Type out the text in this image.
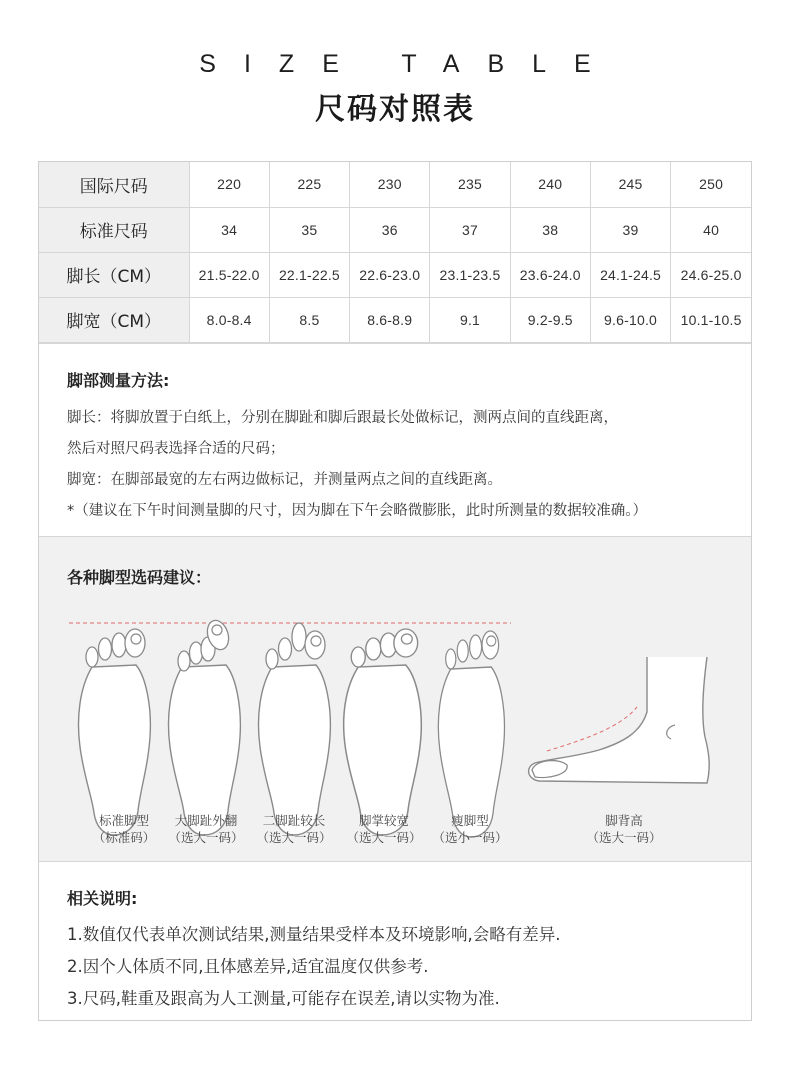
SIZE TABLE
尺码对照表
国际尺码	220	225	230	235	240	245	250
标准尺码	34	35	36	37	38	39	40
脚长（CM）	21.5-22.0	22.1-22.5	22.6-23.0	23.1-23.5	23.6-24.0	24.1-24.5	24.6-25.0
脚宽（CM）	8.0-8.4	8.5	8.6-8.9	9.1	9.2-9.5	9.6-10.0	10.1-10.5
脚部测量方法:

脚长：将脚放置于白纸上，分别在脚趾和脚后跟最长处做标记，测两点间的直线距离，

然后对照尺码表选择合适的尺码；

脚宽：在脚部最宽的左右两边做标记，并测量两点之间的直线距离。

*（建议在下午时间测量脚的尺寸，因为脚在下午会略微膨胀，此时所测量的数据较准确。）

各种脚型选码建议：
标准脚型
（标准码）
大脚趾外翻
（选大一码）
二脚趾较长
（选大一码）
脚掌较宽
（选大一码）
瘦脚型
（选小一码）
脚背高
（选大一码）
相关说明:

1.数值仅代表单次测试结果,测量结果受样本及环境影响,会略有差异.

2.因个人体质不同,且体感差异,适宜温度仅供参考.

3.尺码,鞋重及跟高为人工测量,可能存在误差,请以实物为准.
